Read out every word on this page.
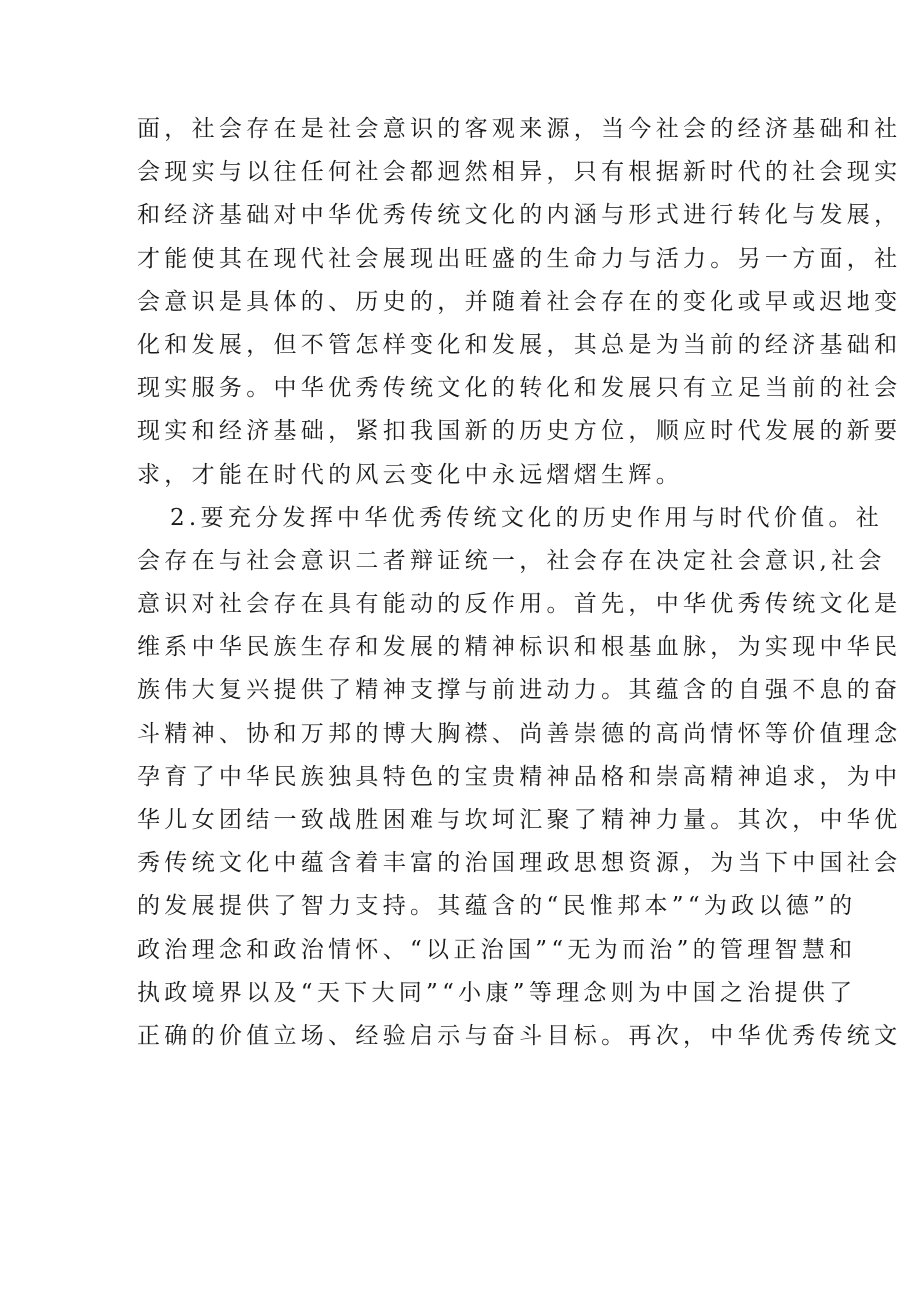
面，社会存在是社会意识的客观来源，当今社会的经济基础和社
会现实与以往任何社会都迥然相异，只有根据新时代的社会现实
和经济基础对中华优秀传统文化的内涵与形式进行转化与发展，
才能使其在现代社会展现出旺盛的生命力与活力。另一方面，社
会意识是具体的、历史的，并随着社会存在的变化或早或迟地变
化和发展，但不管怎样变化和发展，其总是为当前的经济基础和
现实服务。中华优秀传统文化的转化和发展只有立足当前的社会
现实和经济基础，紧扣我国新的历史方位，顺应时代发展的新要
求，才能在时代的风云变化中永远熠熠生辉。
2.要充分发挥中华优秀传统文化的历史作用与时代价值。社
会存在与社会意识二者辩证统一，社会存在决定社会意识,社会
意识对社会存在具有能动的反作用。首先，中华优秀传统文化是
维系中华民族生存和发展的精神标识和根基血脉，为实现中华民
族伟大复兴提供了精神支撑与前进动力。其蕴含的自强不息的奋
斗精神、协和万邦的博大胸襟、尚善崇德的高尚情怀等价值理念
孕育了中华民族独具特色的宝贵精神品格和崇高精神追求，为中
华儿女团结一致战胜困难与坎坷汇聚了精神力量。其次，中华优
秀传统文化中蕴含着丰富的治国理政思想资源，为当下中国社会
的发展提供了智力支持。其蕴含的“民惟邦本”“为政以德”的
政治理念和政治情怀、“以正治国”“无为而治”的管理智慧和
执政境界以及“天下大同”“小康”等理念则为中国之治提供了
正确的价值立场、经验启示与奋斗目标。再次，中华优秀传统文
